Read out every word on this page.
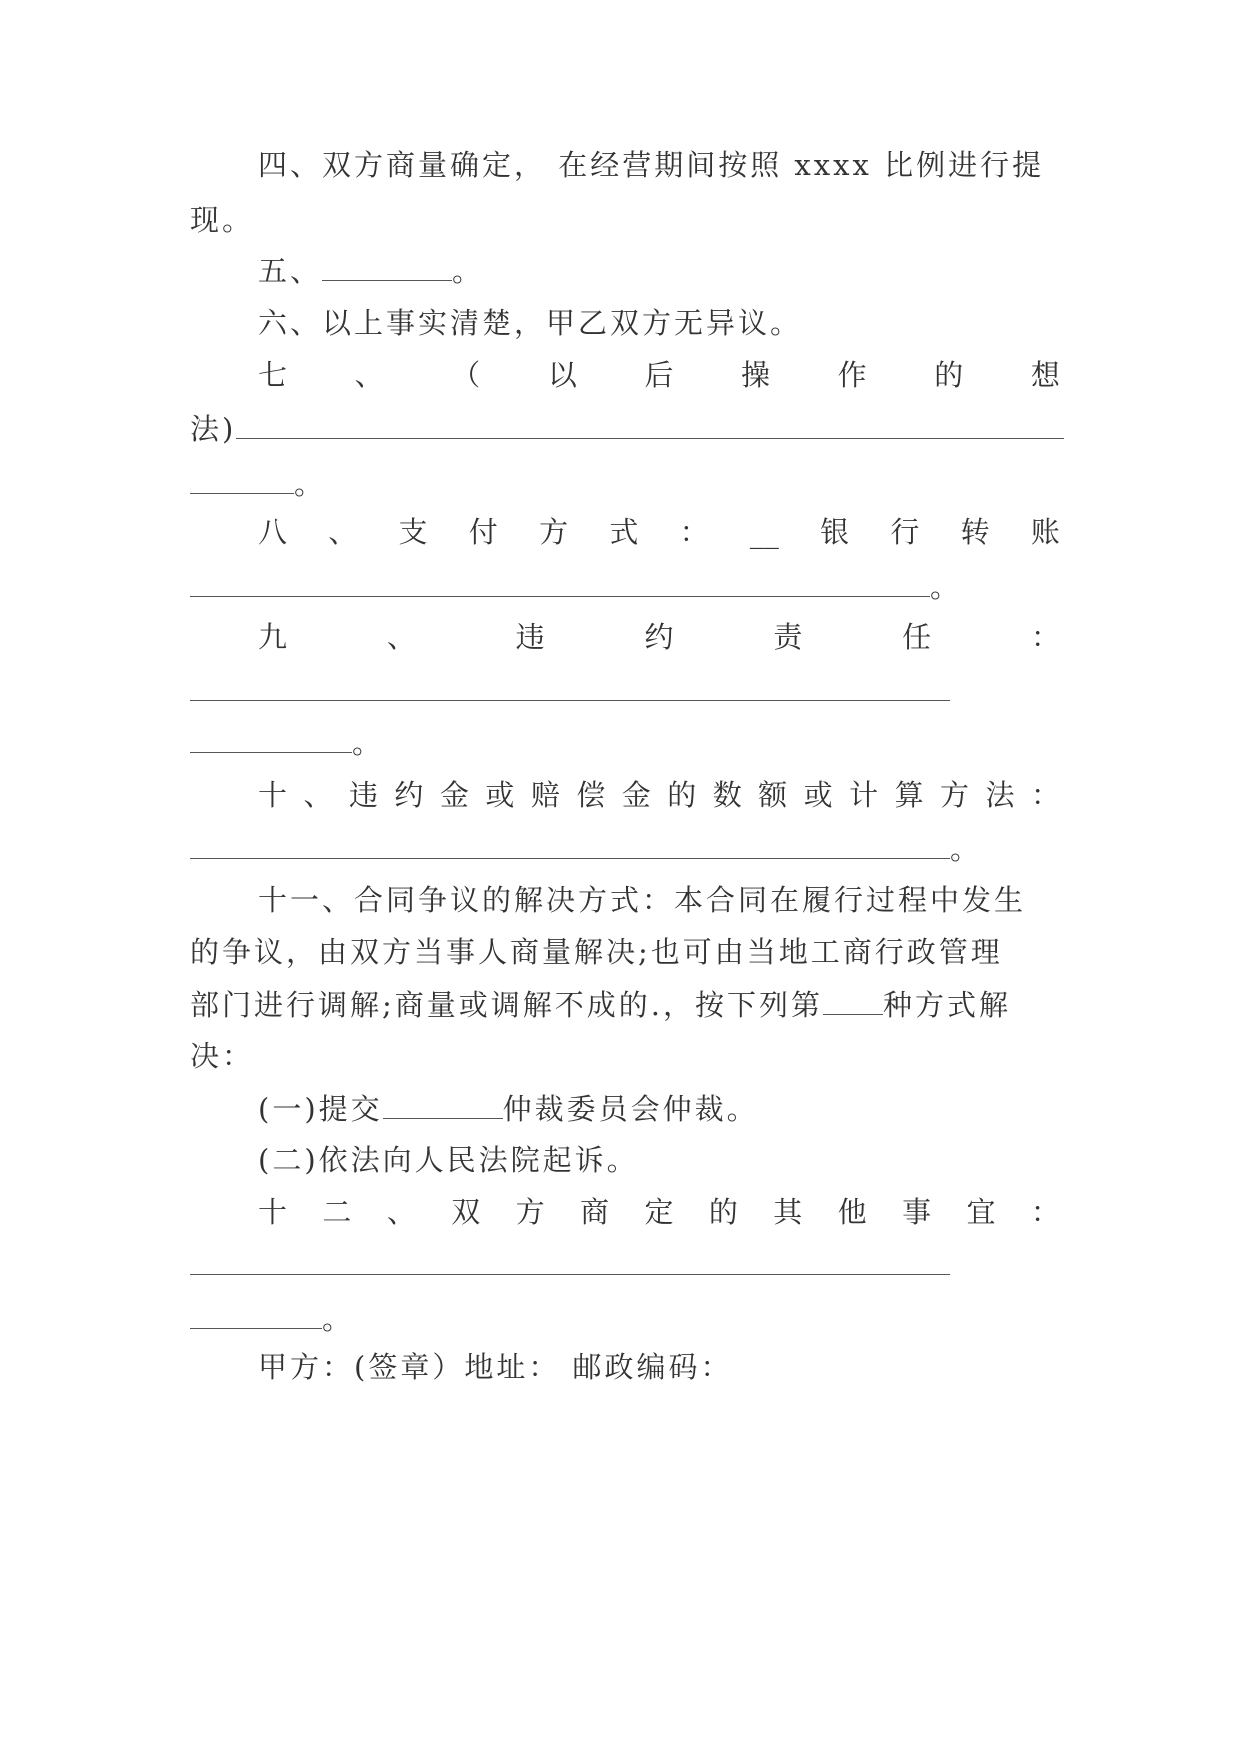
四、双方商量确定， 在经营期间按照 xxxx 比例进行提

现。

五、	。

六、以上事实清楚，甲乙双方无异议。

七 、 （ 以 后 操 作 的 想

法)

。

八 、 支 付 方 式 ： __ 银 行 转 账

。

九	、	违	约	责	任	：

。

十 、 违 约 金 或 赔 偿 金 的 数 额 或 计 算 方 法 ：

。

十一、合同争议的解决方式：本合同在履行过程中发生

的争议，由双方当事人商量解决;也可由当地工商行政管理

部门进行调解;商量或调解不成的.，按下列第 种方式解

决：

(一)提交	仲裁委员会仲裁。

(二)依法向人民法院起诉。

十 二 、 双 方 商 定 的 其 他 事 宜 ：

。

甲方：(签章）地址： 邮政编码：
